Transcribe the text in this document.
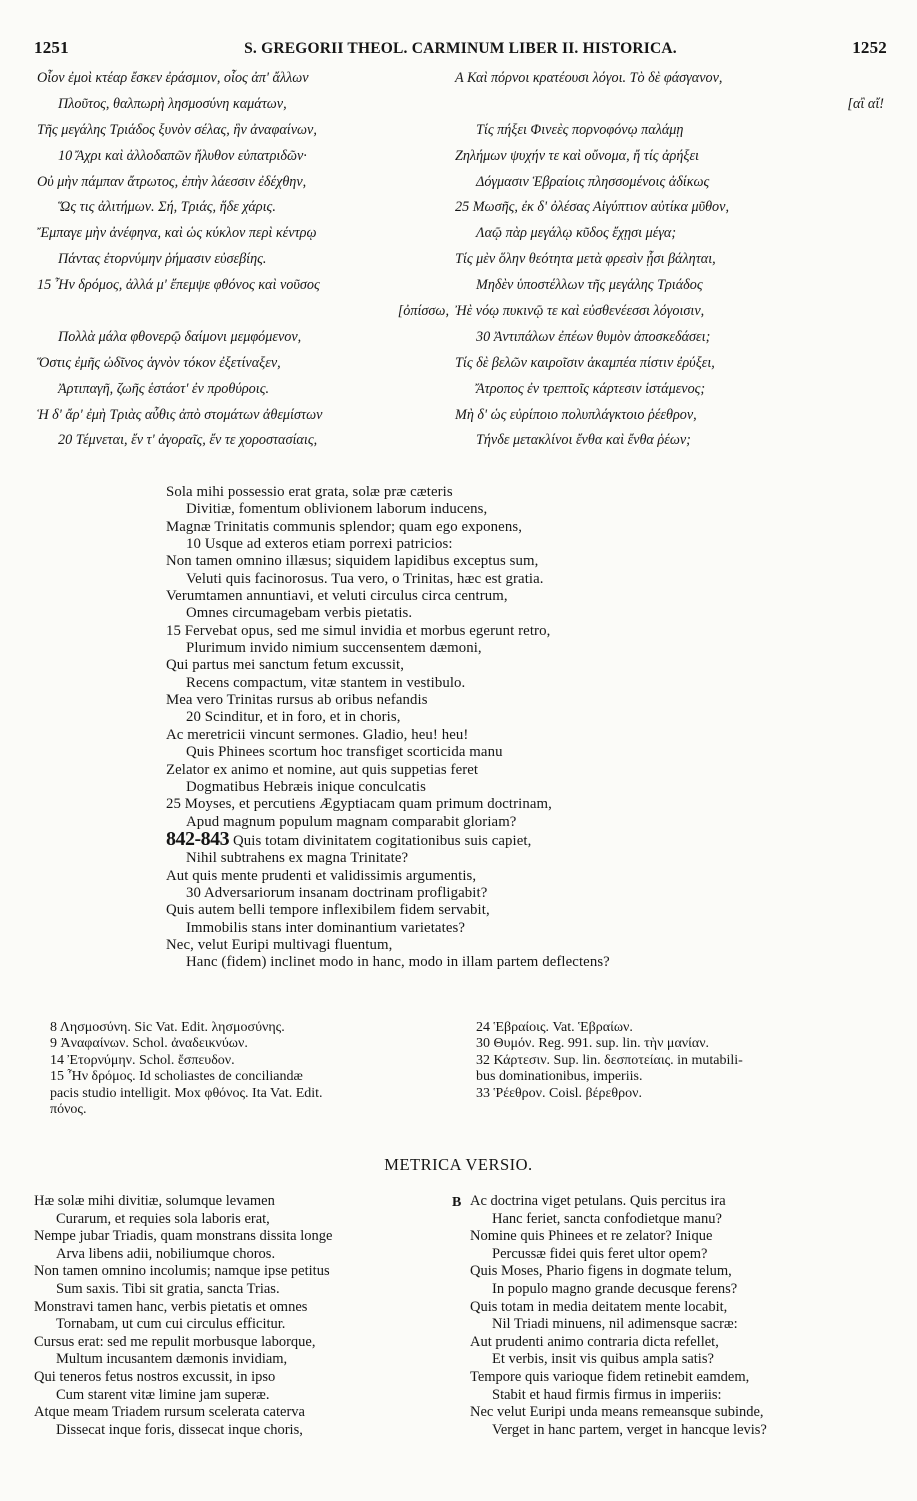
1251	S. GREGORII THEOL. CARMINUM LIBER II. HISTORICA.	1252
Οἷον ἐμοὶ κτέαρ ἔσκεν ἐράσμιον, οἷος ἀπ' ἄλλων
Πλοῦτος, θαλπωρὴ λησμοσύνη καμάτων,
Τῆς μεγάλης Τριάδος ξυνὸν σέλας, ἣν ἀναφαίνων,
10 Ἄχρι καὶ ἀλλοδαπῶν ἤλυθον εὐπατριδῶν·
Οὐ μὴν πάμπαν ἄτρωτος, ἐπὴν λάεσσιν ἐδέχθην,
Ὥς τις ἀλιτήμων. Σή, Τριάς, ἥδε χάρις.
Ἔμπαγε μὴν ἀνέφηνα, καὶ ὡς κύκλον περὶ κέντρῳ
Πάντας ἐτορνύμην ῥήμασιν εὐσεβίης.
15 Ἦν δρόμος, ἀλλά μ' ἔπεμψε φθόνος καὶ νοῦσος
[ὀπίσσω,
Πολλὰ μάλα φθονερῷ δαίμονι μεμφόμενον,
Ὅστις ἐμῆς ὠδῖνος ἁγνὸν τόκον ἐξετίναξεν,
Ἀρτιπαγῆ, ζωῆς ἑστάοτ' ἐν προθύροις.
Ἡ δ' ἄρ' ἐμὴ Τριὰς αὖθις ἀπὸ στομάτων ἀθεμίστων
20 Τέμνεται, ἔν τ' ἀγοραῖς, ἔν τε χοροστασίαις,
A Καὶ πόρνοι κρατέουσι λόγοι. Τὸ δὲ φάσγανον,
[αἲ αἴ!
Τίς πήξει Φινεὲς πορνοφόνῳ παλάμῃ
Ζηλήμων ψυχήν τε καὶ οὔνομα, ἤ τίς ἀρήξει
Δόγμασιν Ἑβραίοις πλησσομένοις ἀδίκως
25 Μωσῆς, ἐκ δ' ὀλέσας Αἰγύπτιον αὐτίκα μῦθον,
Λαῷ πὰρ μεγάλῳ κῦδος ἔχῃσι μέγα;
Τίς μὲν ὅλην θεότητα μετὰ φρεσὶν ᾗσι βάληται,
Μηδὲν ὑποστέλλων τῆς μεγάλης Τριάδος
Ἠὲ νόῳ πυκινῷ τε καὶ εὐσθενέεσσι λόγοισιν,
30 Ἀντιπάλων ἐπέων θυμὸν ἀποσκεδάσει;
Τίς δὲ βελῶν καιροῖσιν ἀκαμπέα πίστιν ἐρύξει,
Ἄτροπος ἐν τρεπτοῖς κάρτεσιν ἱστάμενος;
Μὴ δ' ὡς εὐρίποιο πολυπλάγκτοιο ῥέεθρον,
Τήνδε μετακλίνοι ἔνθα καὶ ἔνθα ῥέων;
Sola mihi possessio erat grata, solæ præ cæteris
Divitiæ, fomentum oblivionem laborum inducens,
Magnæ Trinitatis communis splendor; quam ego exponens,
10 Usque ad exteros etiam porrexi patricios:
Non tamen omnino illæsus; siquidem lapidibus exceptus sum,
Veluti quis facinorosus. Tua vero, o Trinitas, hæc est gratia.
Verumtamen annuntiavi, et veluti circulus circa centrum,
Omnes circumagebam verbis pietatis.
15 Fervebat opus, sed me simul invidia et morbus egerunt retro,
Plurimum invido nimium succensentem dæmoni,
Qui partus mei sanctum fetum excussit,
Recens compactum, vitæ stantem in vestibulo.
Mea vero Trinitas rursus ab oribus nefandis
20 Scinditur, et in foro, et in choris,
Ac meretricii vincunt sermones. Gladio, heu! heu!
Quis Phinees scortum hoc transfiget scorticida manu
Zelator ex animo et nomine, aut quis suppetias feret
Dogmatibus Hebræis inique conculcatis
25 Moyses, et percutiens Ægyptiacam quam primum doctrinam,
Apud magnum populum magnam comparabit gloriam?
842-843 Quis totam divinitatem cogitationibus suis capiet,
Nihil subtrahens ex magna Trinitate?
Aut quis mente prudenti et validissimis argumentis,
30 Adversariorum insanam doctrinam profligabit?
Quis autem belli tempore inflexibilem fidem servabit,
Immobilis stans inter dominantium varietates?
Nec, velut Euripi multivagi fluentum,
Hanc (fidem) inclinet modo in hanc, modo in illam partem deflectens?
8 Λησμοσύνη. Sic Vat. Edit. λησμοσύνης.
9 Ἀναφαίνων. Schol. ἀναδεικνύων.
14 Ἐτορνύμην. Schol. ἔσπευδον.
15 Ἦν δρόμος. Id scholiastes de conciliandæ
pacis studio intelligit. Mox φθόνος. Ita Vat. Edit.
πόνος.
24 Ἑβραίοις. Vat. Ἑβραίων.
30 Θυμόν. Reg. 991. sup. lin. τὴν μανίαν.
32 Κάρτεσιν. Sup. lin. δεσποτείαις. in mutabili-
bus dominationibus, imperiis.
33 Ῥέεθρον. Coisl. βέρεθρον.
METRICA VERSIO.
Hæ solæ mihi divitiæ, solumque levamen
Curarum, et requies sola laboris erat,
Nempe jubar Triadis, quam monstrans dissita longe
Arva libens adii, nobiliumque choros.
Non tamen omnino incolumis; namque ipse petitus
Sum saxis. Tibi sit gratia, sancta Trias.
Monstravi tamen hanc, verbis pietatis et omnes
Tornabam, ut cum cui circulus efficitur.
Cursus erat: sed me repulit morbusque laborque,
Multum incusantem dæmonis invidiam,
Qui teneros fetus nostros excussit, in ipso
Cum starent vitæ limine jam superæ.
Atque meam Triadem rursum scelerata caterva
Dissecat inque foris, dissecat inque choris,
B Ac doctrina viget petulans. Quis percitus ira
Hanc feriet, sancta confodietque manu?
Nomine quis Phinees et re zelator? Inique
Percussæ fidei quis feret ultor opem?
Quis Moses, Phario figens in dogmate telum,
In populo magno grande decusque ferens?
Quis totam in media deitatem mente locabit,
Nil Triadi minuens, nil adimensque sacræ:
Aut prudenti animo contraria dicta refellet,
Et verbis, insit vis quibus ampla satis?
Tempore quis varioque fidem retinebit eamdem,
Stabit et haud firmis firmus in imperiis:
Nec velut Euripi unda means remeansque subinde,
Verget in hanc partem, verget in hancque levis?
